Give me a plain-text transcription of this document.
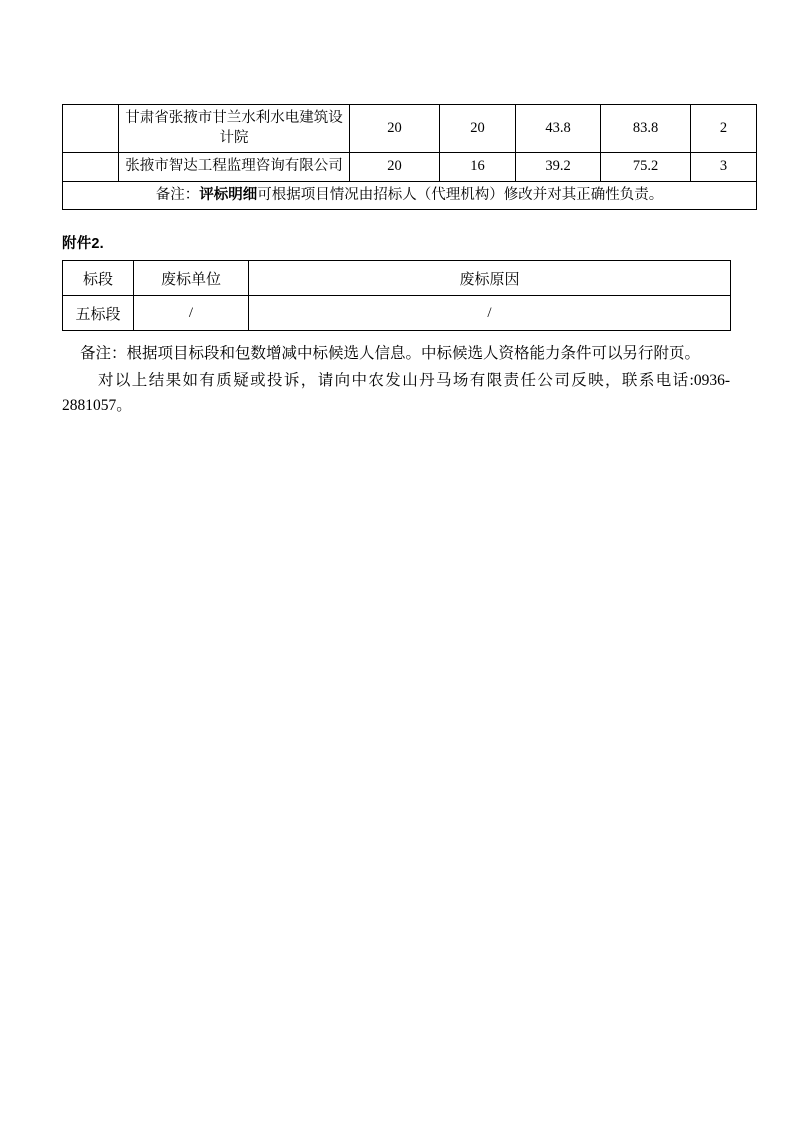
	甘肃省张掖市甘兰水利水电建筑设计院	20	20	43.8	83.8	2
	张掖市智达工程监理咨询有限公司	20	16	39.2	75.2	3
备注：评标明细可根据项目情况由招标人（代理机构）修改并对其正确性负责。						
附件2.
标段	废标单位	废标原因
五标段	/	/
备注：根据项目标段和包数增减中标候选人信息。中标候选人资格能力条件可以另行附页。
对以上结果如有质疑或投诉，请向中农发山丹马场有限责任公司反映，联系电话:0936-2881057。
